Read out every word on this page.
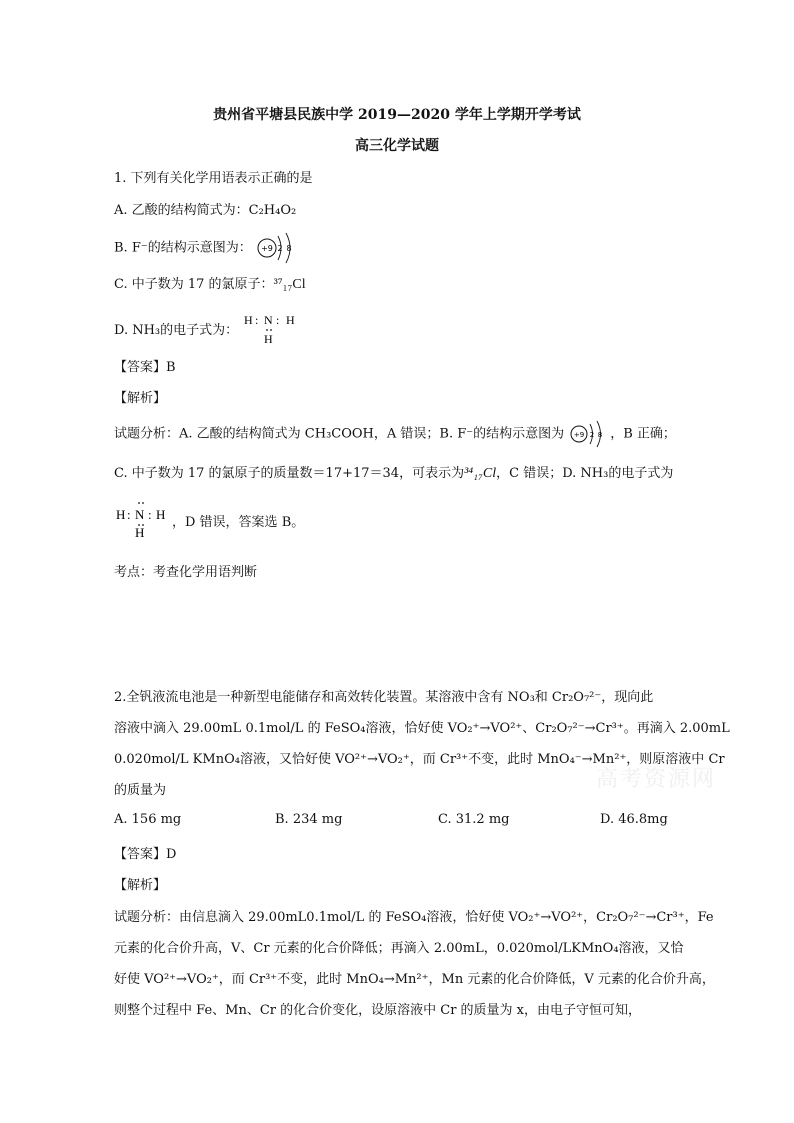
贵州省平塘县民族中学 2019—2020 学年上学期开学考试
高三化学试题
1. 下列有关化学用语表示正确的是
A. 乙酸的结构简式为：C₂H₄O₂
B. F⁻的结构示意图为： +9 2 8
C. 中子数为 17 的氯原子：³⁷₁₇Cl
D. NH₃的电子式为：
H : N : H
H
【答案】B
【解析】
试题分析：A. 乙酸的结构简式为 CH₃COOH，A 错误；B. F⁻的结构示意图为 +9 2 8 ，B 正确；
C. 中子数为 17 的氯原子的质量数＝17+17＝34，可表示为³⁴₁₇Cl，C 错误；D. NH₃的电子式为
H : N : H
H
，D 错误，答案选 B。
考点：考查化学用语判断
2.全钒液流电池是一种新型电能储存和高效转化装置。某溶液中含有 NO₃和 Cr₂O₇²⁻，现向此
溶液中滴入 29.00mL 0.1mol/L 的 FeSO₄溶液，恰好使 VO₂⁺→VO²⁺、Cr₂O₇²⁻→Cr³⁺。再滴入 2.00mL
0.020mol/L KMnO₄溶液，又恰好使 VO²⁺→VO₂⁺，而 Cr³⁺不变，此时 MnO₄⁻→Mn²⁺，则原溶液中 Cr
的质量为
A. 156 mg	B. 234 mg	C. 31.2 mg	D. 46.8mg
【答案】D
【解析】
试题分析：由信息滴入 29.00mL0.1mol/L 的 FeSO₄溶液，恰好使 VO₂⁺→VO²⁺，Cr₂O₇²⁻→Cr³⁺，Fe
元素的化合价升高，V、Cr 元素的化合价降低；再滴入 2.00mL，0.020mol/LKMnO₄溶液，又恰
好使 VO²⁺→VO₂⁺，而 Cr³⁺不变，此时 MnO₄→Mn²⁺，Mn 元素的化合价降低，V 元素的化合价升高，
则整个过程中 Fe、Mn、Cr 的化合价变化，设原溶液中 Cr 的质量为 x，由电子守恒可知，
高考资源网
